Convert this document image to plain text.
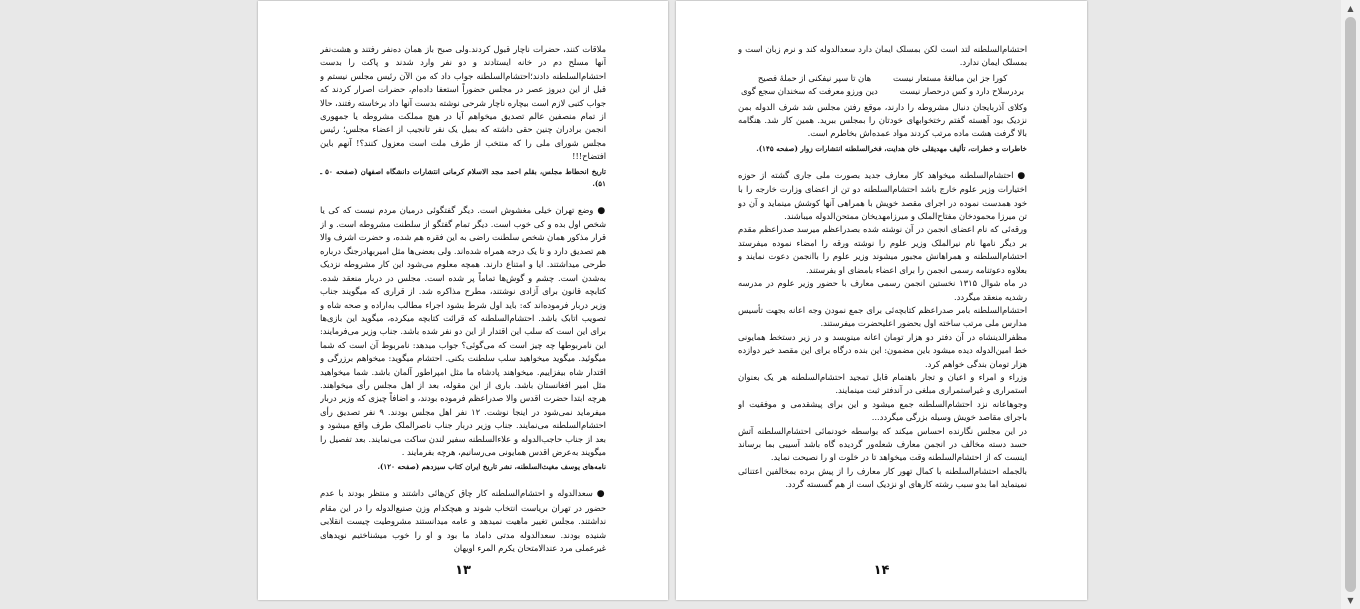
ملاقات کنند، حضرات ناچار قبول کردند.ولی صبح باز همان ده‌نفر رفتند و هشت‌نفر آنها مسلح دم در خانه ایستادند و دو نفر وارد شدند و پاکت را بدست احتشام‌السلطنه دادند؛احتشام‌السلطنه جواب داد که من الآن رئیس مجلس نیستم و قبل از این دیروز عصر در مجلس حضوراً استعفا داده‌ام، حضرات اصرار کردند که جواب کتبی لازم است بیچاره ناچار شرحی نوشته بدست آنها داد برخاسته رفتند، حالا از تمام منصفین عالم تصدیق میخواهم آیا در هیچ مملکت مشروطه یا جمهوری انجمن برادران چنین حقی داشته که بمیل یک نفر تانجیب از اعضاء مجلس؛ رئیس مجلس شورای ملی را که منتخب از طرف ملت است معزول کنند؟! آنهم باین افتضاح!!!

تاریخ انحطاط مجلس، بقلم احمد مجد الاسلام کرمانی انتشارات دانشگاه اصفهان (صفحه ۵۰ ـ ۵۱).

● وضع تهران خیلی مغشوش است. دیگر گفتگوئی درمیان مردم نیست که کی یا شخص اول بده و کی خوب است. دیگر تمام گفتگو از سلطنت مشروطه است. و از قرار مذکور همان شخص سلطنت راضی به این فقره هم شده، و حضرت اشرف والا هم تصدیق دارد و تا یک درجه همراه شده‌اند. ولی بعضی‌ها مثل امیربهادرجنگ درباره طرحی میداشتند. ایا و امتناع دارند. همچه معلوم می‌شود این کار مشروطه نزدیک به‌شدن است. چشم و گوش‌ها تماماً پر شده است. مجلس در دربار منعقد شده. کتابچه قانون برای آزادی نوشتند، مطرح مذاکره شد. از قراری که میگویند جناب وزیر دربار فرموده‌اند که: باید اول شرط بشود اجراء مطالب به‌اراده و صحه شاه و تصویب اتابک باشد. احتشام‌السلطنه که قرائت کتابچه میکرده، میگوید این بازی‌ها برای این است که سلب این اقتدار از این دو نفر شده باشد. جناب وزیر می‌فرمایند: این نامربوطها چه چیز است که می‌گوئی؟ جواب میدهد: نامربوط آن است که شما میگوئید. میگوید میخواهید سلب سلطنت بکنی. احتشام میگوید: میخواهم برزرگی و اقتدار شاه بیفزاییم. میخواهند پادشاه ما مثل امپراطور آلمان باشد. شما میخواهید مثل امیر افغانستان باشد. باری از این مقوله، بعد از اهل مجلس رأی میخواهند. هرچه ابتدا حضرت اقدس والا صدراعظم فرموده بودند، و اضافاً چیزی که وزیر دربار میفرماید نمی‌شود در اینجا نوشت. ۱۲ نفر اهل مجلس بودند. ۹ نفر تصدیق رأی احتشام‌السلطنه می‌نمایند. جناب وزیر دربار جناب ناصرالملک طرف واقع میشود و بعد از جناب حاجب‌الدوله و علاءالسلطنه سفیر لندن ساکت می‌نمایند. بعد تفصیل را میگویند به‌عرض اقدس همایونی می‌رسانیم، هرچه بفرمایند .

نامه‌های یوسف مغیث‌السلطنه، نشر تاریخ ایران کتاب سیزدهم (صفحه ۱۲۰).

● سعدالدوله و احتشام‌السلطنه کار چاق کن‌هائی داشتند و منتظر بودند با عدم حضور در تهران بریاست انتخاب شوند و هیچکدام وزن صنیع‌الدوله را در این مقام نداشتند. مجلس تغییر ماهیت نمیدهد و عامه میدانستند مشروطیت چیست انقلابی شنیده بودند. سعدالدوله مدتی داماد ما بود و او را خوب میشناختیم نویدهای غیرعملی مرد عندالامتحان یکرم المرء اویهان

۱۳

احتشام‌السلطنه لتد است لکن بمسلک ایمان دارد سعدالدوله کند و نرم زبان است و بمسلک ایمان ندارد.

کورا جز این مبالغهٔ مستعار نیست
هان تا سپر نیفکنی از حملهٔ فصیح
بردرسلاح دارد و کس درحصار نیست
دین ورزو معرفت که سخندان سجع گوی

وکلای آذربایجان دنبال مشروطه را دارند، موقع رفتن مجلس شد شرف الدوله بمن نزدیک بود آهسته گفتم رختخوابهای خودتان را بمجلس ببرید. همین کار شد. هنگامه بالا گرفت هشت ماده مرتب کردند مواد عمده‌اش بخاطرم است.

خاطرات و خطرات، تألیف مهدیقلی خان هدایت، فخرالسلطنه انتشارات زوار (صفحه ۱۴۵).

● احتشام‌السلطنه میخواهد کار معارف جدید بصورت ملی جاری گشته از حوزه اختیارات وزیر علوم خارج باشد احتشام‌السلطنه دو تن از اعضای وزارت خارجه را با خود همدست نموده در اجرای مقصد خویش با همراهی آنها کوشش مینماید و آن دو تن میرزا محمودخان مفتاح‌الملک و میرزامهدیخان ممتحن‌الدوله میباشند.

ورقه‌ئی که نام اعضای انجمن در آن نوشته شده بصدراعظم میرسد صدراعظم مقدم بر دیگر نامها نام نیرالملک وزیر علوم را نوشته ورقه را امضاء نموده میفرستد احتشام‌السلطنه و همراهانش مجبور میشوند وزیر علوم را باانجمن دعوت نمایند و بعلاوه دعوتنامه رسمی انجمن را برای اعضاء بامضای او بفرستند.

در ماه شوال ۱۳۱۵ نخستین انجمن رسمی معارف با حضور وزیر علوم در مدرسه رشدیه منعقد میگردد.

احتشام‌السلطنه بامر صدراعظم کتابچه‌ئی برای جمع نمودن وجه اعانه بجهت تأسیس مدارس ملی مرتب ساخته اول بحضور اعلیحضرت میفرستند.

مظفرالدینشاه در آن دفتر دو هزار تومان اعانه مینویسد و در زیر دستخط همایونی خط امین‌الدوله دیده میشود باین مضمون: این بنده درگاه برای این مقصد خیر دوازده هزار تومان بندگی خواهم کرد.

وزراء و امراء و اعیان و تجار باهتمام قابل تمجید احتشام‌السلطنه هر یک بعنوان استمراری و غیراستمراری مبلغی در آندفتر ثبت مینمایند.

وجوهاعانه نزد احتشام‌السلطنه جمع میشود و این برای پیشقدمی و موفقیت او باجرای مقاصد خویش وسیله بزرگی میگردد...

در این مجلس نگارنده احساس میکند که بواسطه خودنمائی احتشام‌السلطنه آتش حسد دسته مخالف در انجمن معارف شعله‌ور گردیده گاه باشد آسیبی بما برساند اینست که از احتشام‌السلطنه وقت میخواهد تا در خلوت او را نصیحت نماید.

بالجمله احتشام‌السلطنه با کمال تهور کار معارف را از پیش برده بمخالفین اعتنائی نمینماید اما بدو سبب رشته کارهای او نزدیک است از هم گسسته گردد.

۱۴
▲
▼
